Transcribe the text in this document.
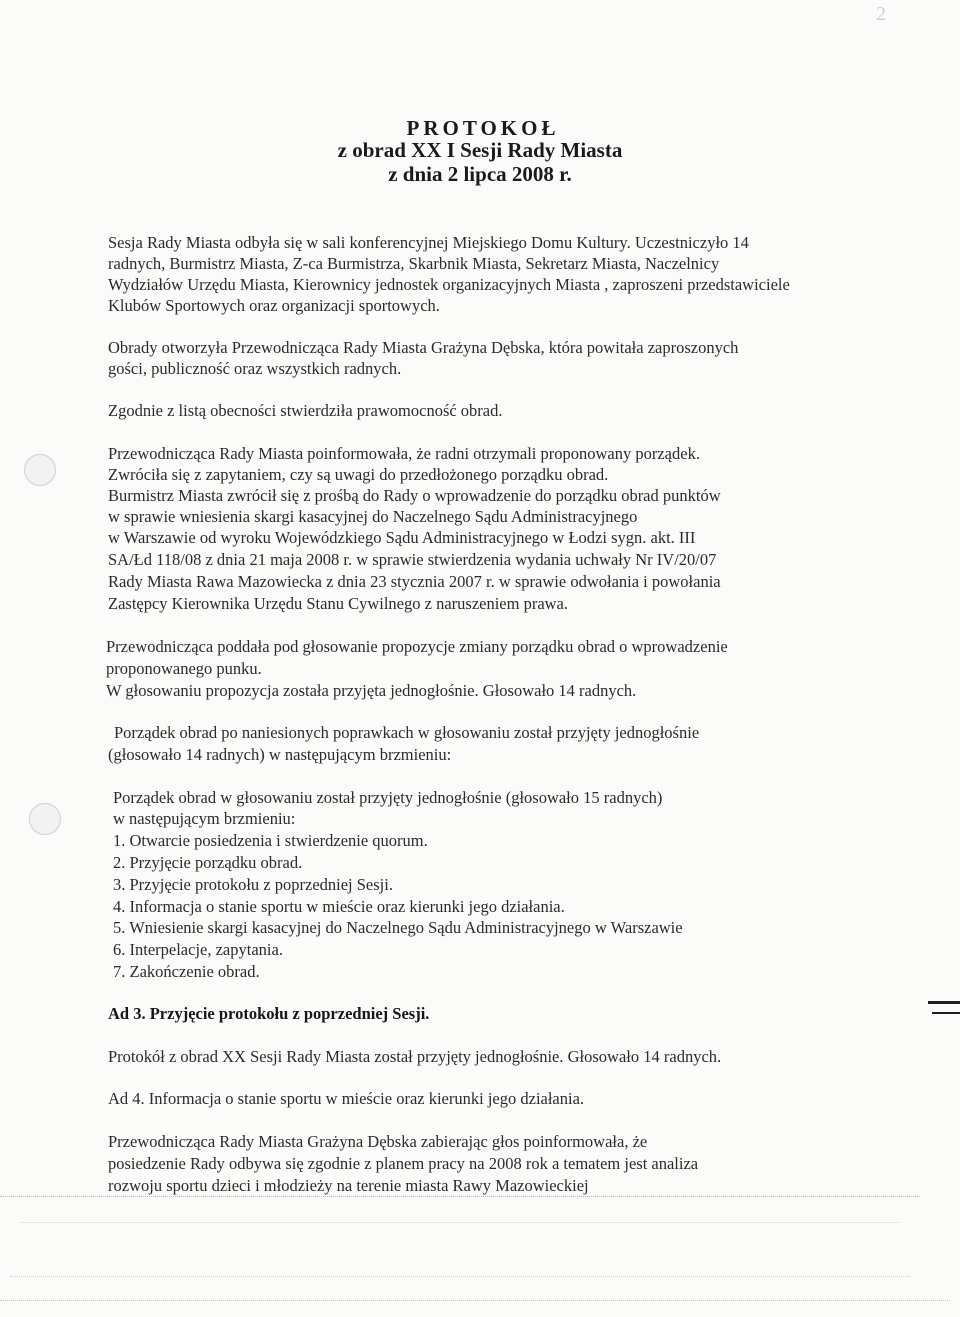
2
PROTOKOŁ
z obrad XX I Sesji Rady Miasta
z dnia 2 lipca 2008 r.
Sesja Rady Miasta odbyła się w sali konferencyjnej Miejskiego Domu Kultury. Uczestniczyło 14
radnych, Burmistrz Miasta, Z-ca Burmistrza, Skarbnik Miasta, Sekretarz Miasta, Naczelnicy
Wydziałów Urzędu Miasta, Kierownicy jednostek organizacyjnych Miasta , zaproszeni przedstawiciele
Klubów Sportowych oraz organizacji sportowych.
Obrady otworzyła Przewodnicząca Rady Miasta Grażyna Dębska, która powitała zaproszonych
gości, publiczność oraz wszystkich radnych.
Zgodnie z listą obecności stwierdziła prawomocność obrad.
Przewodnicząca Rady Miasta poinformowała, że radni otrzymali proponowany porządek.
Zwróciła się z zapytaniem, czy są uwagi do przedłożonego porządku obrad.
Burmistrz Miasta zwrócił się z prośbą do Rady o wprowadzenie do porządku obrad punktów
w sprawie wniesienia skargi kasacyjnej do Naczelnego Sądu Administracyjnego
w Warszawie od wyroku Wojewódzkiego Sądu Administracyjnego w Łodzi sygn. akt. III
SA/Łd 118/08 z dnia 21 maja 2008 r. w sprawie stwierdzenia wydania uchwały Nr IV/20/07
Rady Miasta Rawa Mazowiecka z dnia 23 stycznia 2007 r. w sprawie odwołania i powołania
Zastępcy Kierownika Urzędu Stanu Cywilnego z naruszeniem prawa.
Przewodnicząca poddała pod głosowanie propozycje zmiany porządku obrad o wprowadzenie
proponowanego punku.
W głosowaniu propozycja została przyjęta jednogłośnie. Głosowało 14 radnych.
Porządek obrad po naniesionych poprawkach w głosowaniu został przyjęty jednogłośnie
(głosowało 14 radnych) w następującym brzmieniu:
Porządek obrad w głosowaniu został przyjęty jednogłośnie (głosowało 15 radnych)
w następującym brzmieniu:
1. Otwarcie posiedzenia i stwierdzenie quorum.
2. Przyjęcie porządku obrad.
3. Przyjęcie protokołu z poprzedniej Sesji.
4. Informacja o stanie sportu w mieście oraz kierunki jego działania.
5. Wniesienie skargi kasacyjnej do Naczelnego Sądu Administracyjnego w Warszawie
6. Interpelacje, zapytania.
7. Zakończenie obrad.
Ad 3. Przyjęcie protokołu z poprzedniej Sesji.
Protokół z obrad XX Sesji Rady Miasta został przyjęty jednogłośnie. Głosowało 14 radnych.
Ad 4. Informacja o stanie sportu w mieście oraz kierunki jego działania.
Przewodnicząca Rady Miasta Grażyna Dębska zabierając głos poinformowała, że
posiedzenie Rady odbywa się zgodnie z planem pracy na 2008 rok a tematem jest analiza
rozwoju sportu dzieci i młodzieży na terenie miasta Rawy Mazowieckiej
